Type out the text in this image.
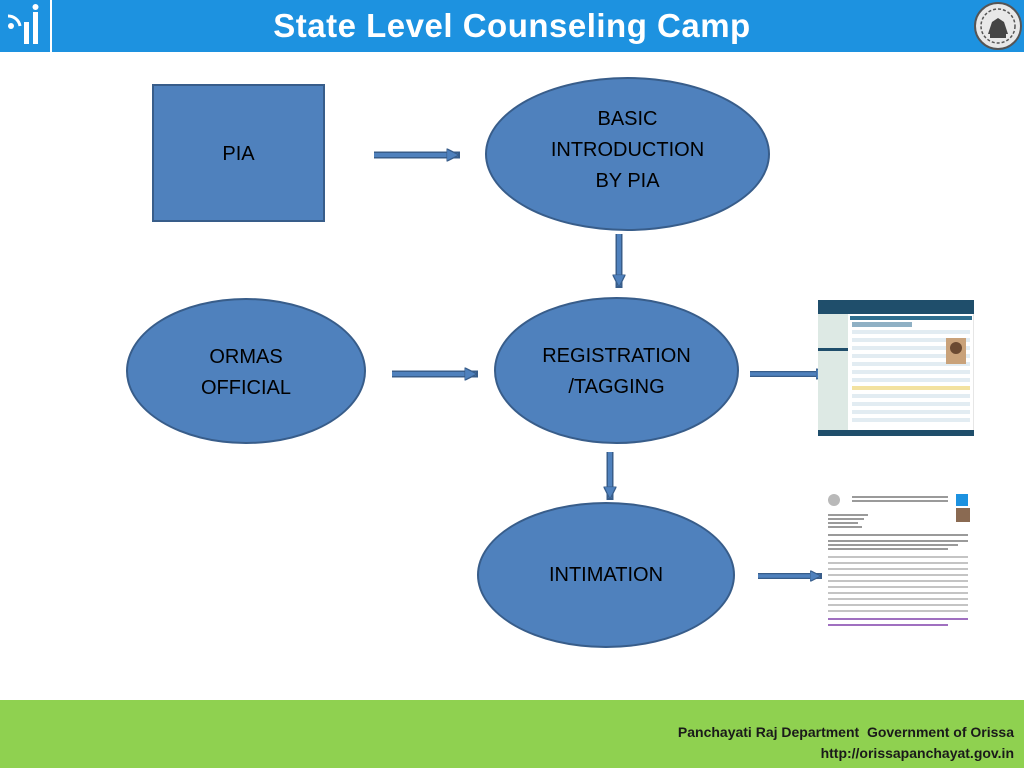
State Level Counseling Camp
PIA
BASIC
INTRODUCTION
BY PIA
ORMAS
OFFICIAL
REGISTRATION
/TAGGING
INTIMATION
Panchayati Raj Department  Government of Orissa
http://orissapanchayat.gov.in
